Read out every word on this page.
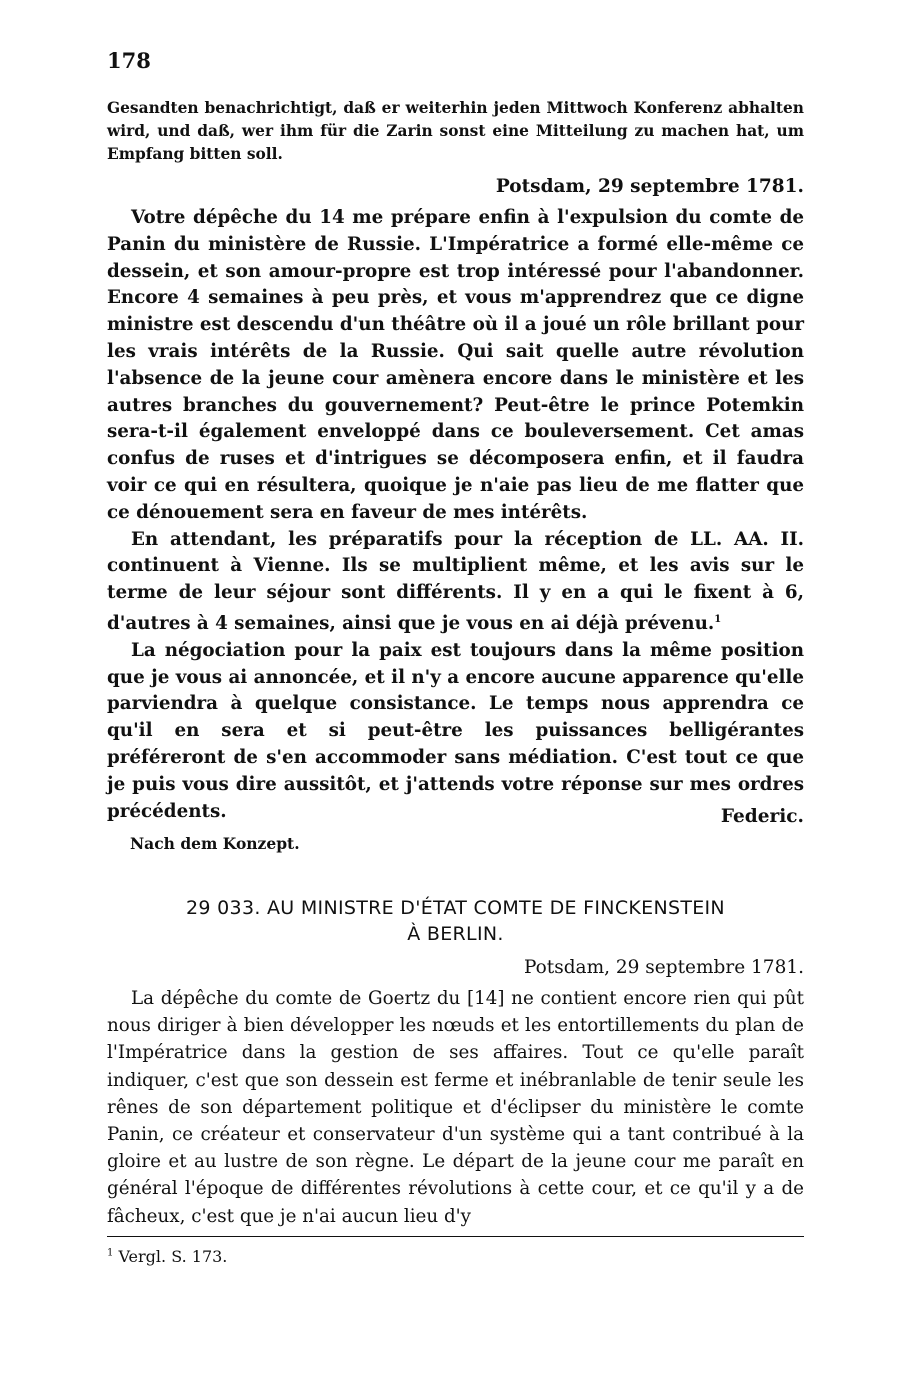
178

Gesandten benachrichtigt, daß er weiterhin jeden Mittwoch Konferenz abhalten wird, und daß, wer ihm für die Zarin sonst eine Mitteilung zu machen hat, um Empfang bitten soll.

Potsdam, 29 septembre 1781.

Votre dépêche du 14 me prépare enfin à l'expulsion du comte de Panin du ministère de Russie. L'Impératrice a formé elle-même ce dessein, et son amour-propre est trop intéressé pour l'abandonner. Encore 4 semaines à peu près, et vous m'apprendrez que ce digne ministre est descendu d'un théâtre où il a joué un rôle brillant pour les vrais intérêts de la Russie. Qui sait quelle autre révolution l'absence de la jeune cour amènera encore dans le ministère et les autres branches du gouvernement? Peut-être le prince Potemkin sera-t-il également enveloppé dans ce bouleversement. Cet amas confus de ruses et d'intrigues se décomposera enfin, et il faudra voir ce qui en résultera, quoique je n'aie pas lieu de me flatter que ce dénouement sera en faveur de mes intérêts.

En attendant, les préparatifs pour la réception de LL. AA. II. continuent à Vienne. Ils se multiplient même, et les avis sur le terme de leur séjour sont différents. Il y en a qui le fixent à 6, d'autres à 4 semaines, ainsi que je vous en ai déjà prévenu.$^1$

La négociation pour la paix est toujours dans la même position que je vous ai annoncée, et il n'y a encore aucune apparence qu'elle parviendra à quelque consistance. Le temps nous apprendra ce qu'il en sera et si peut-être les puissances belligérantes préféreront de s'en accommoder sans médiation. C'est tout ce que je puis vous dire aussitôt, et j'attends votre réponse sur mes ordres précédents.	Federic.

Nach dem Konzept.

29 033. AU MINISTRE D'ÉTAT COMTE DE FINCKENSTEIN
À BERLIN.

Potsdam, 29 septembre 1781.

La dépêche du comte de Goertz du [14] ne contient encore rien qui pût nous diriger à bien développer les nœuds et les entortillements du plan de l'Impératrice dans la gestion de ses affaires. Tout ce qu'elle paraît indiquer, c'est que son dessein est ferme et inébranlable de tenir seule les rênes de son département politique et d'éclipser du ministère le comte Panin, ce créateur et conservateur d'un système qui a tant contribué à la gloire et au lustre de son règne. Le départ de la jeune cour me paraît en général l'époque de différentes révolutions à cette cour, et ce qu'il y a de fâcheux, c'est que je n'ai aucun lieu d'y

$^1$ Vergl. S. 173.
